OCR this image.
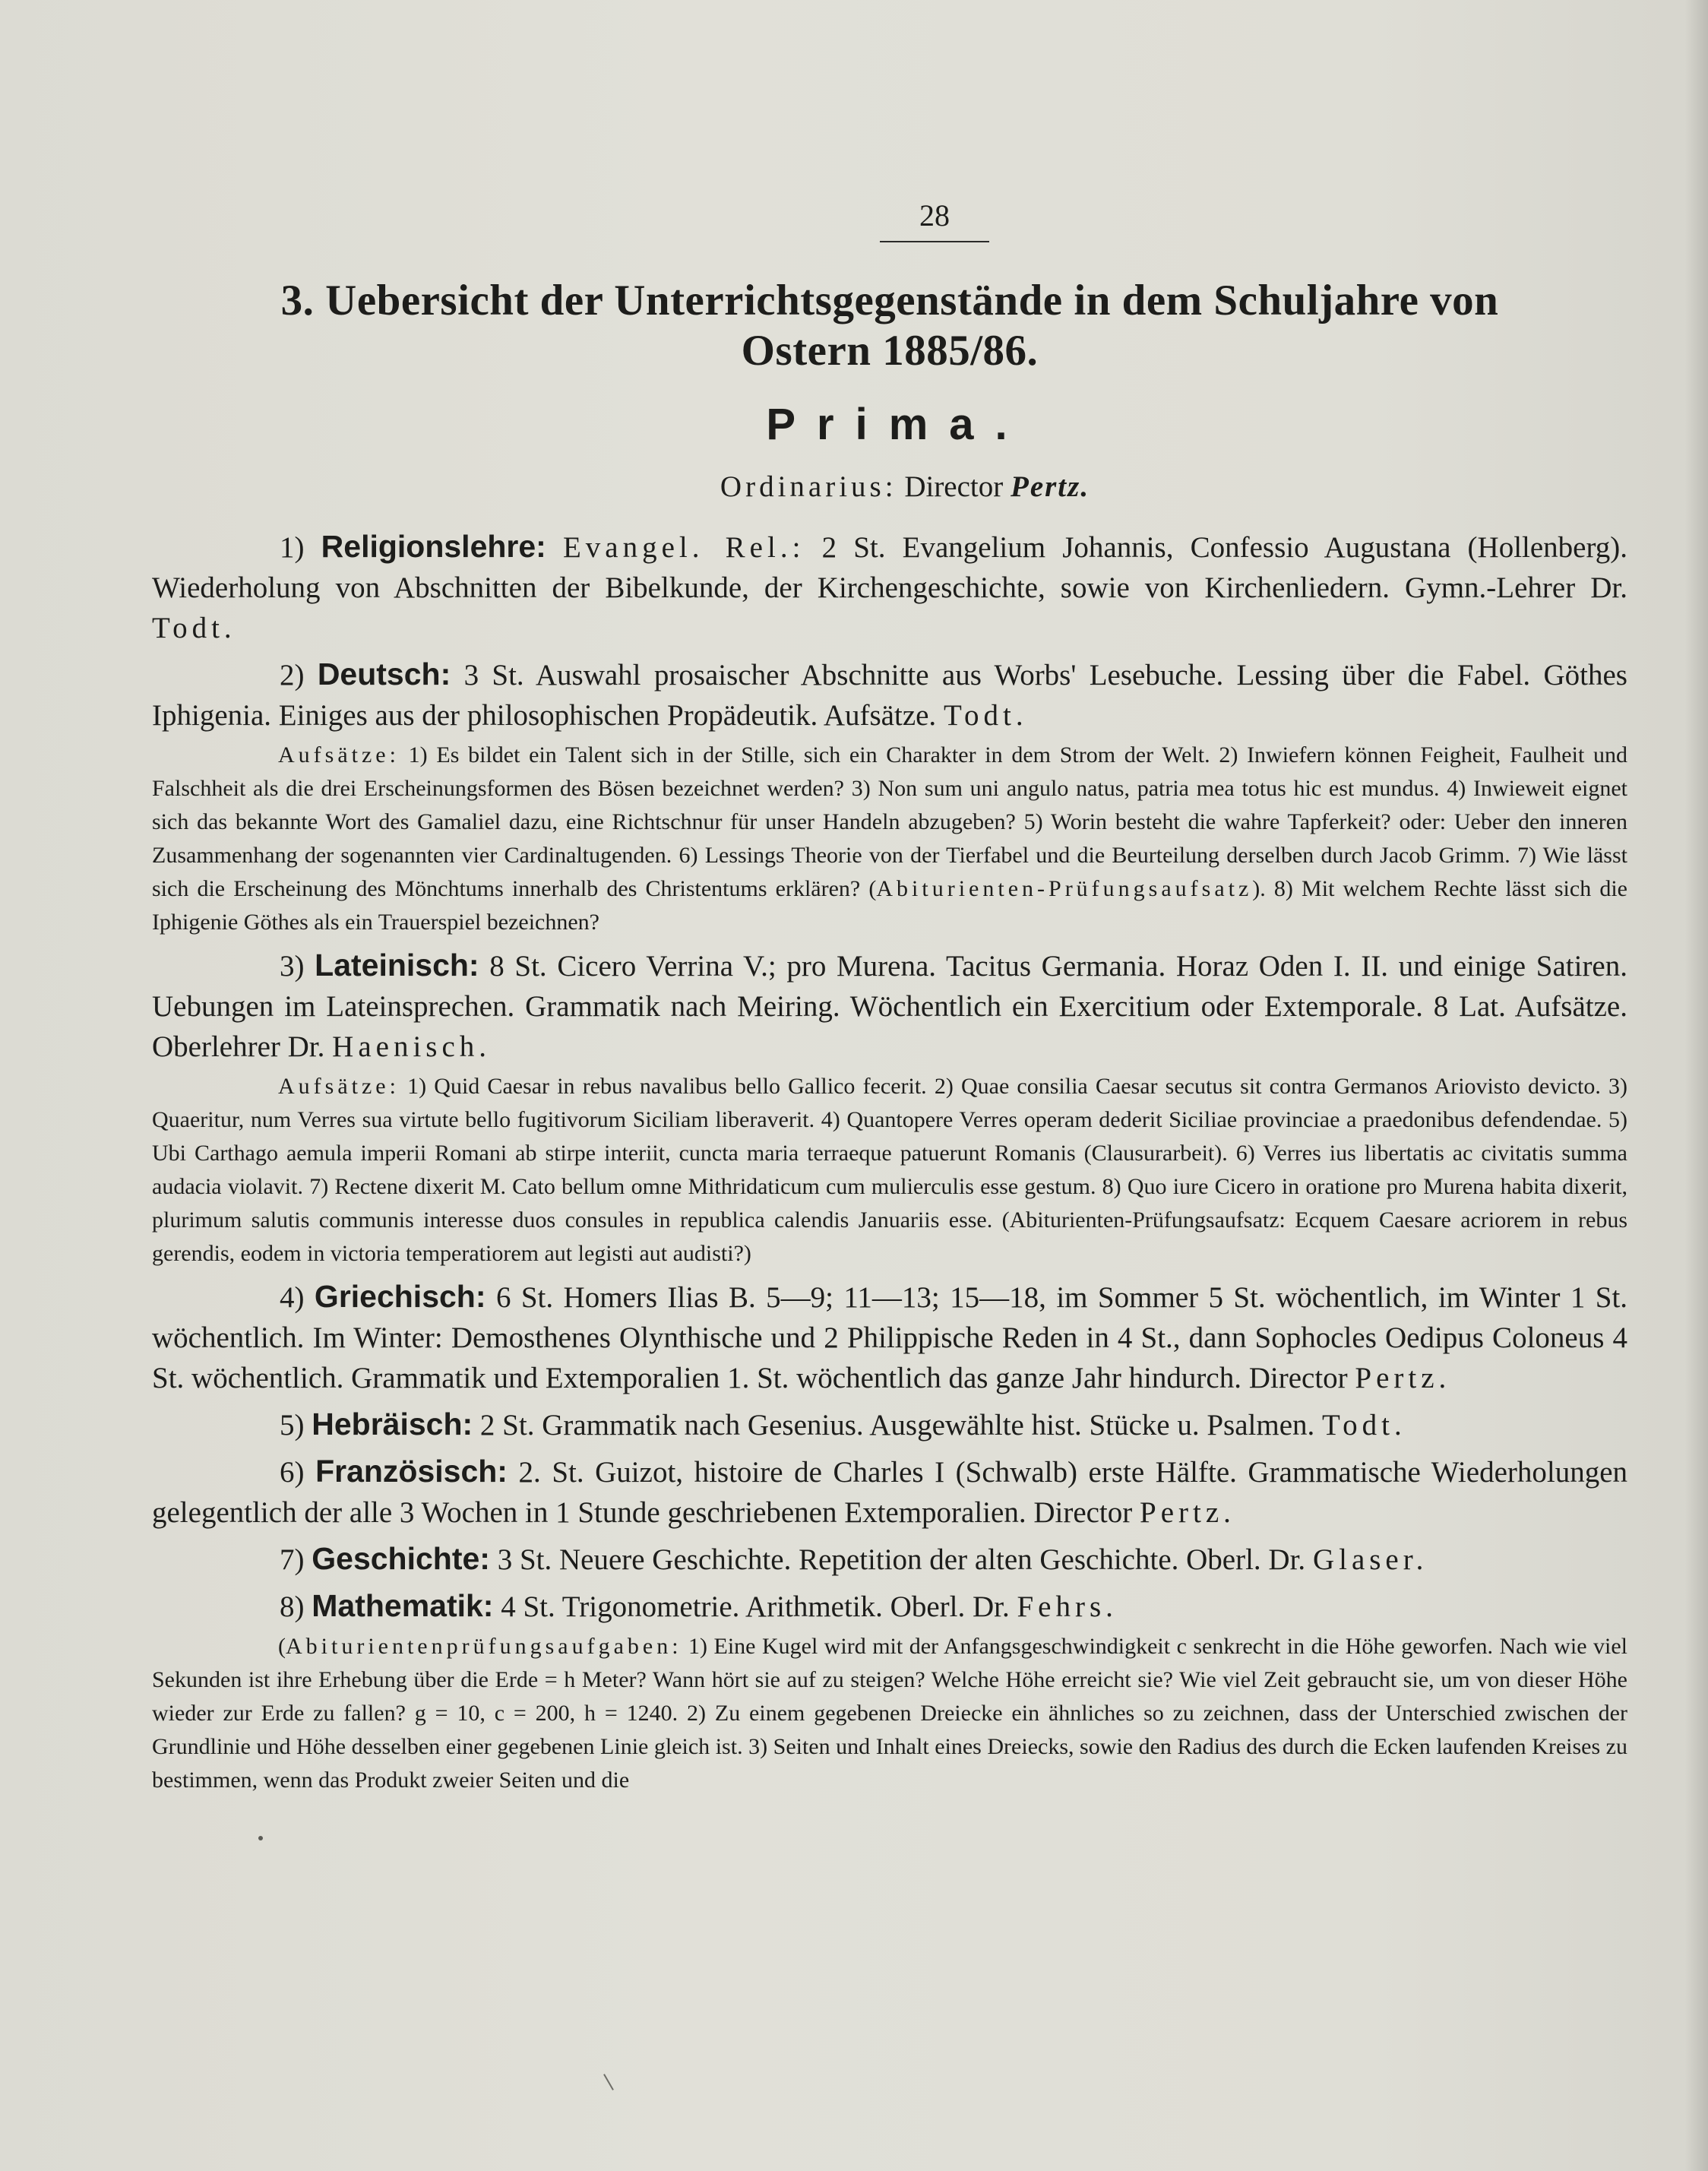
28
3. Uebersicht der Unterrichtsgegenstände in dem Schuljahre von
Ostern 1885/86.
Prima.
Ordinarius: Director Pertz.

1) Religionslehre: Evangel. Rel.: 2 St. Evangelium Johannis, Confessio Augustana (Hollenberg). Wiederholung von Abschnitten der Bibelkunde, der Kirchengeschichte, sowie von Kirchenliedern. Gymn.-Lehrer Dr. Todt.

2) Deutsch: 3 St. Auswahl prosaischer Abschnitte aus Worbs' Lesebuche. Lessing über die Fabel. Göthes Iphigenia. Einiges aus der philosophischen Propädeutik. Aufsätze. Todt.

Aufsätze: 1) Es bildet ein Talent sich in der Stille, sich ein Charakter in dem Strom der Welt. 2) Inwiefern können Feigheit, Faulheit und Falschheit als die drei Erscheinungsformen des Bösen bezeichnet werden? 3) Non sum uni angulo natus, patria mea totus hic est mundus. 4) Inwieweit eignet sich das bekannte Wort des Gamaliel dazu, eine Richtschnur für unser Handeln abzugeben? 5) Worin besteht die wahre Tapferkeit? oder: Ueber den inneren Zusammenhang der sogenannten vier Cardinaltugenden. 6) Lessings Theorie von der Tierfabel und die Beurteilung derselben durch Jacob Grimm. 7) Wie lässt sich die Erscheinung des Mönchtums innerhalb des Christentums erklären? (Abiturienten-Prüfungsaufsatz). 8) Mit welchem Rechte lässt sich die Iphigenie Göthes als ein Trauerspiel bezeichnen?

3) Lateinisch: 8 St. Cicero Verrina V.; pro Murena. Tacitus Germania. Horaz Oden I. II. und einige Satiren. Uebungen im Lateinsprechen. Grammatik nach Meiring. Wöchentlich ein Exercitium oder Extemporale. 8 Lat. Aufsätze. Oberlehrer Dr. Haenisch.

Aufsätze: 1) Quid Caesar in rebus navalibus bello Gallico fecerit. 2) Quae consilia Caesar secutus sit contra Germanos Ariovisto devicto. 3) Quaeritur, num Verres sua virtute bello fugitivorum Siciliam liberaverit. 4) Quantopere Verres operam dederit Siciliae provinciae a praedonibus defendendae. 5) Ubi Carthago aemula imperii Romani ab stirpe interiit, cuncta maria terraeque patuerunt Romanis (Clausurarbeit). 6) Verres ius libertatis ac civitatis summa audacia violavit. 7) Rectene dixerit M. Cato bellum omne Mithridaticum cum mulierculis esse gestum. 8) Quo iure Cicero in oratione pro Murena habita dixerit, plurimum salutis communis interesse duos consules in republica calendis Januariis esse. (Abiturienten-Prüfungsaufsatz: Ecquem Caesare acriorem in rebus gerendis, eodem in victoria temperatiorem aut legisti aut audisti?)

4) Griechisch: 6 St. Homers Ilias B. 5—9; 11—13; 15—18, im Sommer 5 St. wöchentlich, im Winter 1 St. wöchentlich. Im Winter: Demosthenes Olynthische und 2 Philippische Reden in 4 St., dann Sophocles Oedipus Coloneus 4 St. wöchentlich. Grammatik und Extemporalien 1. St. wöchentlich das ganze Jahr hindurch. Director Pertz.

5) Hebräisch: 2 St. Grammatik nach Gesenius. Ausgewählte hist. Stücke u. Psalmen. Todt.

6) Französisch: 2. St. Guizot, histoire de Charles I (Schwalb) erste Hälfte. Grammatische Wiederholungen gelegentlich der alle 3 Wochen in 1 Stunde geschriebenen Extemporalien. Director Pertz.

7) Geschichte: 3 St. Neuere Geschichte. Repetition der alten Geschichte. Oberl. Dr. Glaser.

8) Mathematik: 4 St. Trigonometrie. Arithmetik. Oberl. Dr. Fehrs.

(Abiturientenprüfungsaufgaben: 1) Eine Kugel wird mit der Anfangsgeschwindigkeit c senkrecht in die Höhe geworfen. Nach wie viel Sekunden ist ihre Erhebung über die Erde = h Meter? Wann hört sie auf zu steigen? Welche Höhe erreicht sie? Wie viel Zeit gebraucht sie, um von dieser Höhe wieder zur Erde zu fallen? g = 10, c = 200, h = 1240. 2) Zu einem gegebenen Dreiecke ein ähnliches so zu zeichnen, dass der Unterschied zwischen der Grundlinie und Höhe desselben einer gegebenen Linie gleich ist. 3) Seiten und Inhalt eines Dreiecks, sowie den Radius des durch die Ecken laufenden Kreises zu bestimmen, wenn das Produkt zweier Seiten und die
